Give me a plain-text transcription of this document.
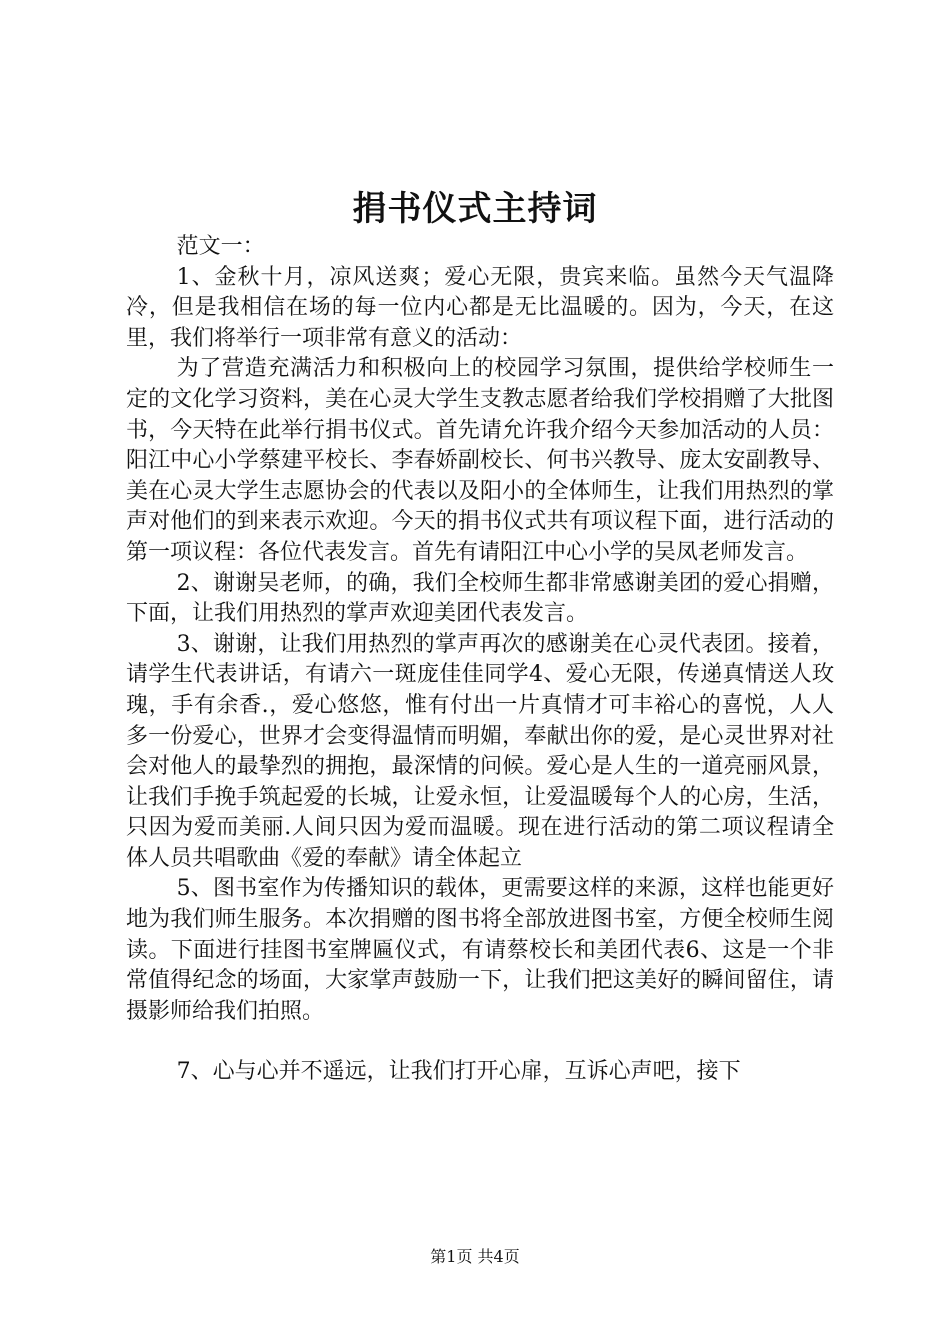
捐书仪式主持词

范文一：

1、金秋十月，凉风送爽；爱心无限，贵宾来临。虽然今天气温降冷，但是我相信在场的每一位内心都是无比温暖的。因为，今天，在这里，我们将举行一项非常有意义的活动：

为了营造充满活力和积极向上的校园学习氛围，提供给学校师生一定的文化学习资料，美在心灵大学生支教志愿者给我们学校捐赠了大批图书，今天特在此举行捐书仪式。首先请允许我介绍今天参加活动的人员：阳江中心小学蔡建平校长、李春娇副校长、何书兴教导、庞太安副教导、美在心灵大学生志愿协会的代表以及阳小的全体师生，让我们用热烈的掌声对他们的到来表示欢迎。今天的捐书仪式共有项议程下面，进行活动的第一项议程：各位代表发言。首先有请阳江中心小学的吴凤老师发言。

2、谢谢吴老师，的确，我们全校师生都非常感谢美团的爱心捐赠，下面，让我们用热烈的掌声欢迎美团代表发言。

3、谢谢，让我们用热烈的掌声再次的感谢美在心灵代表团。接着，请学生代表讲话，有请六一斑庞佳佳同学4、爱心无限，传递真情送人玫瑰，手有余香.，爱心悠悠，惟有付出一片真情才可丰裕心的喜悦，人人多一份爱心，世界才会变得温情而明媚，奉献出你的爱，是心灵世界对社会对他人的最挚烈的拥抱，最深情的问候。爱心是人生的一道亮丽风景，让我们手挽手筑起爱的长城，让爱永恒，让爱温暖每个人的心房，生活，只因为爱而美丽.人间只因为爱而温暖。现在进行活动的第二项议程请全体人员共唱歌曲《爱的奉献》请全体起立

5、图书室作为传播知识的载体，更需要这样的来源，这样也能更好地为我们师生服务。本次捐赠的图书将全部放进图书室，方便全校师生阅读。下面进行挂图书室牌匾仪式，有请蔡校长和美团代表6、这是一个非常值得纪念的场面，大家掌声鼓励一下，让我们把这美好的瞬间留住，请摄影师给我们拍照。

7、心与心并不遥远，让我们打开心扉，互诉心声吧，接下

第1页 共4页
